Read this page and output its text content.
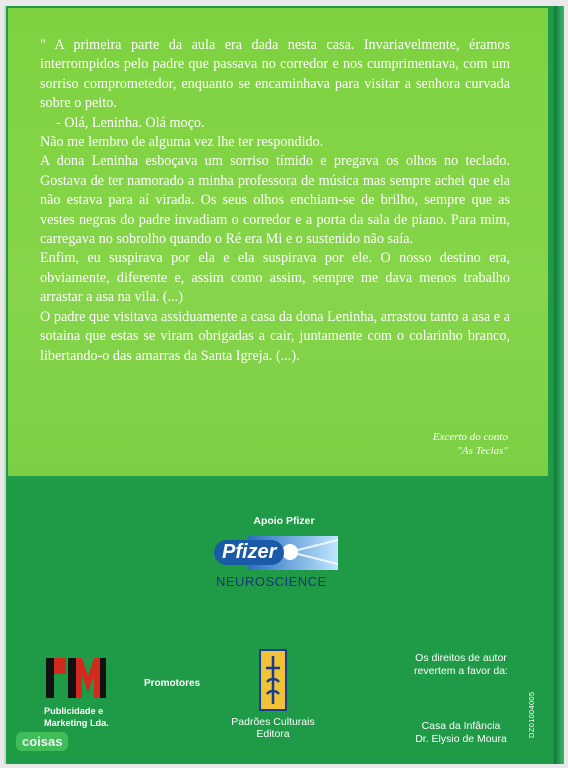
" A primeira parte da aula era dada nesta casa. Invariavelmente, éramos interrompidos pelo padre que passava no corredor e nos cumprimentava, com um sorriso comprometedor, enquanto se encaminhava para visitar a senhora curvada sobre o peito.

- Olá, Leninha. Olá moço.

Não me lembro de alguma vez lhe ter respondido.

A dona Leninha esboçava um sorriso tímido e pregava os olhos no teclado. Gostava de ter namorado a minha professora de música mas sempre achei que ela não estava para aí virada. Os seus olhos enchiam-se de brilho, sempre que as vestes negras do padre invadiam o corredor e a porta da sala de piano. Para mim, carregava no sobrolho quando o Ré era Mi e o sustenido não saía.

Enfim, eu suspirava por ela e ela suspirava por ele. O nosso destino era, obviamente, diferente e, assim como assim, sempre me dava menos trabalho arrastar a asa na vila. (...)

O padre que visitava assiduamente a casa da dona Leninha, arrastou tanto a asa e a sotaina que estas se viram obrigadas a cair, juntamente com o colarinho branco, libertando-o das amarras da Santa Igreja. (...).

Excerto do conto
"As Teclas"
Apoio Pfizer
Pfizer
NEUROSCIENCE
Publicidade e
Marketing Lda.
Promotores
Padrões Culturais
Editora
Os direitos de autor
revertem a favor da:
Casa da Infância
Dr. Elysio de Moura
DZ01004005
coisas
